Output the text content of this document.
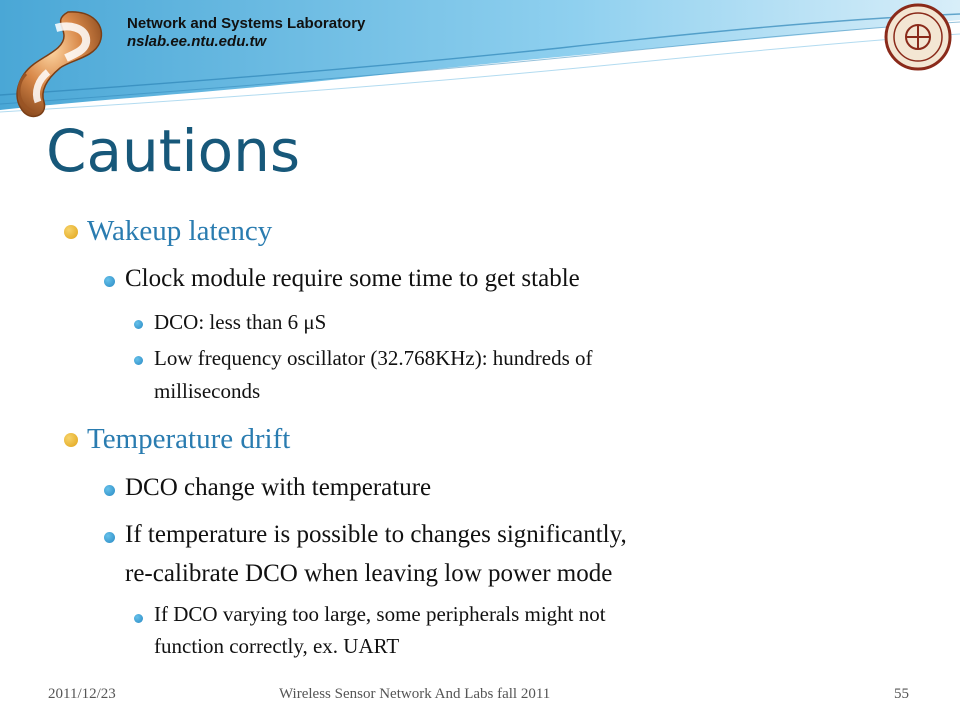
Network and Systems Laboratory
nslab.ee.ntu.edu.tw
Cautions
Wakeup latency
Clock module require some time to get stable
DCO: less than 6 μS
Low frequency oscillator (32.768KHz): hundreds of
milliseconds
Temperature drift
DCO change with temperature
If temperature is possible to changes significantly,
re-calibrate DCO when leaving low power mode
If DCO varying too large, some peripherals might not
function correctly, ex. UART
2011/12/23	Wireless Sensor Network And Labs fall 2011	55
